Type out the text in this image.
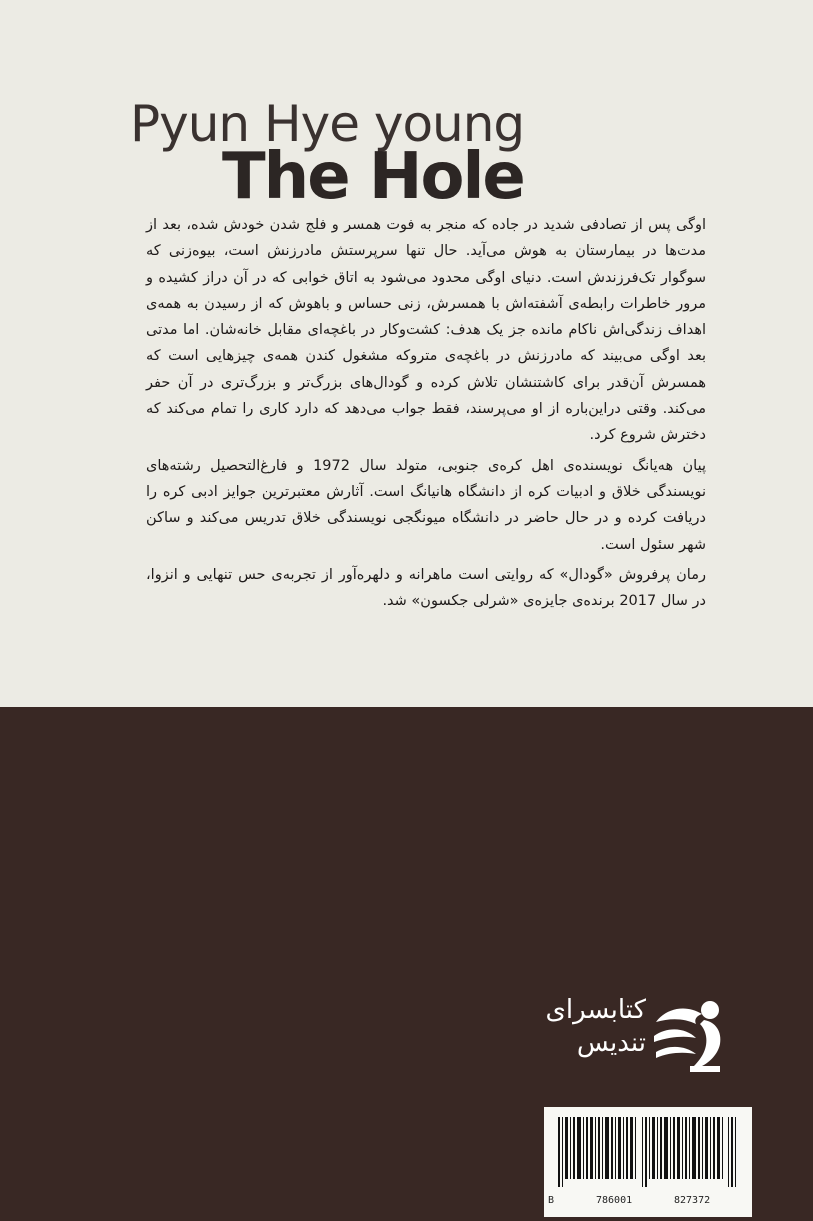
Pyun Hye young
The Hole

اوگی پس از تصادفی شدید در جاده که منجر به فوت همسر و فلج شدن خودش شده، بعد از مدت‌ها در بیمارستان به هوش می‌آید. حال تنها سرپرستش مادرزنش است، بیوه‌زنی که سوگوار تک‌فرزندش است. دنیای اوگی محدود می‌شود به اتاق خوابی که در آن دراز کشیده و مرور خاطرات رابطه‌ی آشفته‌اش با همسرش، زنی حساس و باهوش که از رسیدن به همه‌ی اهداف زندگی‌اش ناکام مانده جز یک هدف: کشت‌وکار در باغچه‌ای مقابل خانه‌شان. اما مدتی بعد اوگی می‌بیند که مادرزنش در باغچه‌ی متروکه مشغول کندن همه‌ی چیزهایی است که همسرش آن‌قدر برای کاشتنشان تلاش کرده و گودال‌های بزرگ‌تر و بزرگ‌تری در آن حفر می‌کند. وقتی دراین‌باره از او می‌پرسند، فقط جواب می‌دهد که دارد کاری را تمام می‌کند که دخترش شروع کرد.

پیان هه‌یانگ نویسنده‌ی اهل کره‌ی جنوبی، متولد سال 1972 و فارغ‌التحصیل رشته‌های نویسندگی خلاق و ادبیات کره از دانشگاه هانیانگ است. آثارش معتبرترین جوایز ادبی کره را دریافت کرده و در حال حاضر در دانشگاه میونگجی نویسندگی خلاق تدریس می‌کند و ساکن شهر سئول است.

رمان پرفروش «گودال» که روایتی است ماهرانه و دلهره‌آور از تجربه‌ی حس تنهایی و انزوا، در سال 2017 برنده‌ی جایزه‌ی «شرلی جکسون» شد.

کتابسرای
تندیس
B	786001	827372
